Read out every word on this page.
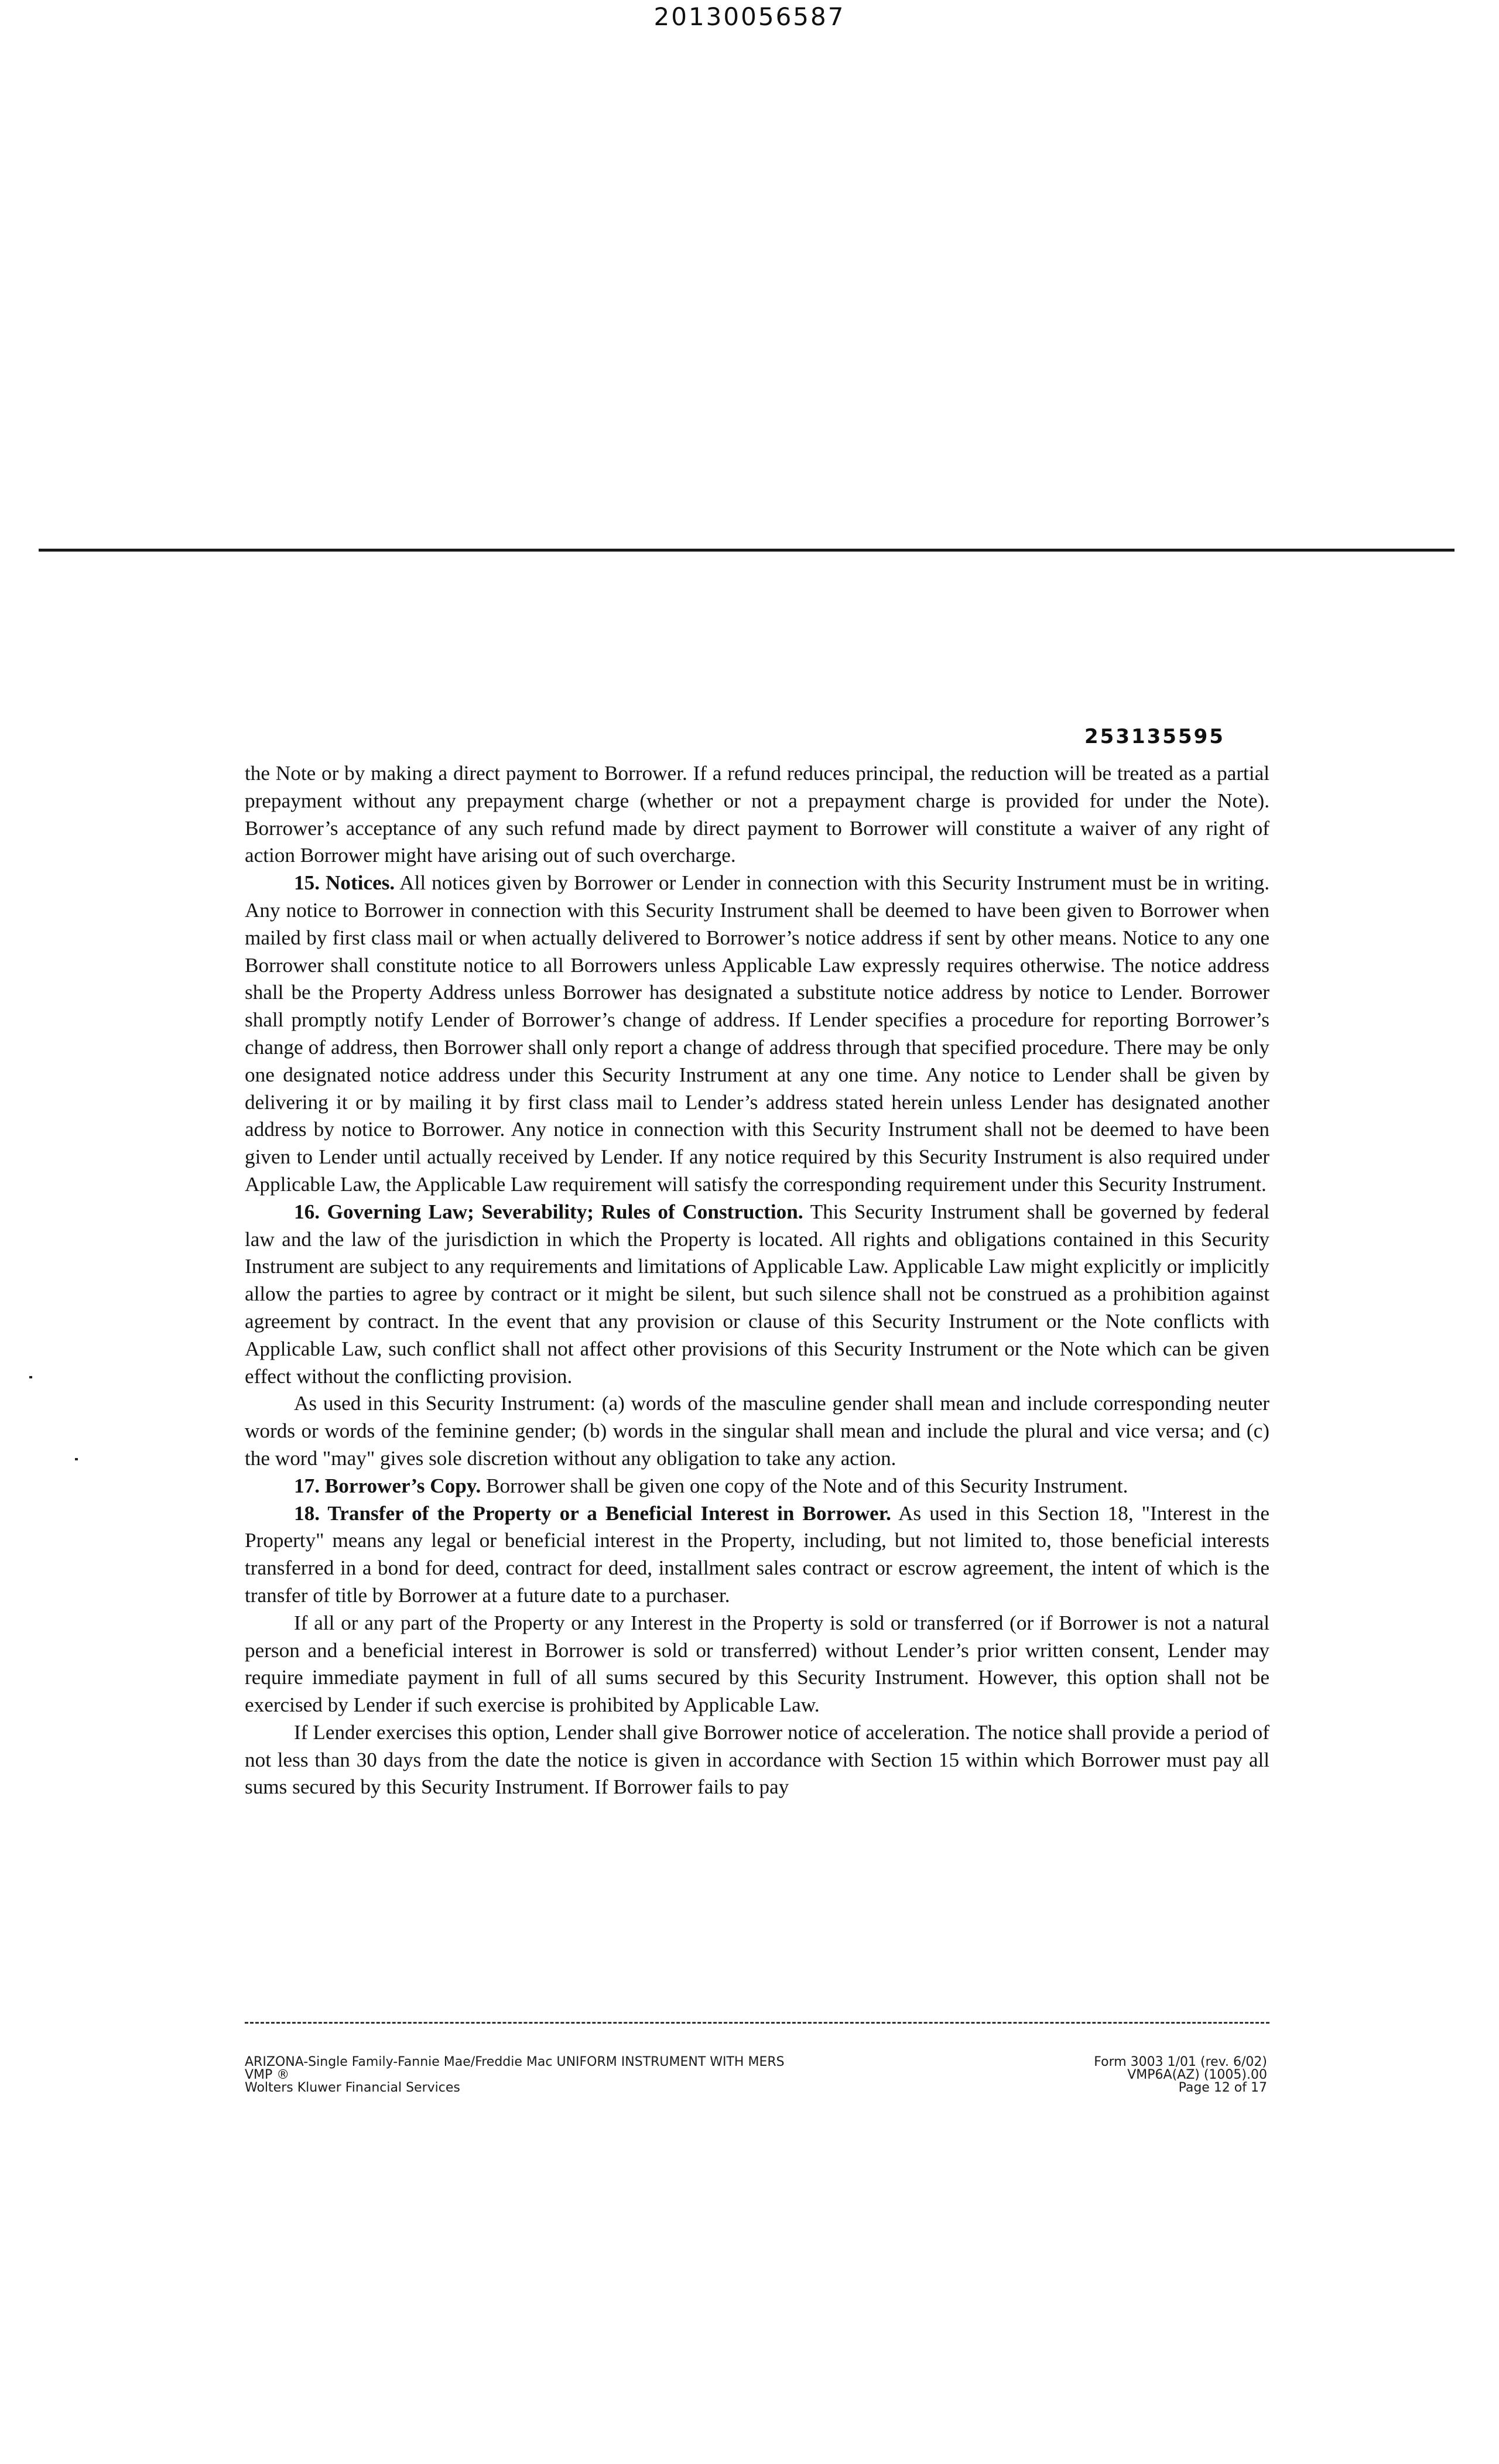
20130056587
253135595

the Note or by making a direct payment to Borrower. If a refund reduces principal, the reduction will be treated as a partial prepayment without any prepayment charge (whether or not a prepayment charge is provided for under the Note). Borrower’s acceptance of any such refund made by direct payment to Borrower will constitute a waiver of any right of action Borrower might have arising out of such overcharge.

15. Notices. All notices given by Borrower or Lender in connection with this Security Instrument must be in writing. Any notice to Borrower in connection with this Security Instrument shall be deemed to have been given to Borrower when mailed by first class mail or when actually delivered to Borrower’s notice address if sent by other means. Notice to any one Borrower shall constitute notice to all Borrowers unless Applicable Law expressly requires otherwise. The notice address shall be the Property Address unless Borrower has designated a substitute notice address by notice to Lender. Borrower shall promptly notify Lender of Borrower’s change of address. If Lender specifies a procedure for reporting Borrower’s change of address, then Borrower shall only report a change of address through that specified procedure. There may be only one designated notice address under this Security Instrument at any one time. Any notice to Lender shall be given by delivering it or by mailing it by first class mail to Lender’s address stated herein unless Lender has designated another address by notice to Borrower. Any notice in connection with this Security Instrument shall not be deemed to have been given to Lender until actually received by Lender. If any notice required by this Security Instrument is also required under Applicable Law, the Applicable Law requirement will satisfy the corresponding requirement under this Security Instrument.

16. Governing Law; Severability; Rules of Construction. This Security Instrument shall be governed by federal law and the law of the jurisdiction in which the Property is located. All rights and obligations contained in this Security Instrument are subject to any requirements and limitations of Applicable Law. Applicable Law might explicitly or implicitly allow the parties to agree by contract or it might be silent, but such silence shall not be construed as a prohibition against agreement by contract. In the event that any provision or clause of this Security Instrument or the Note conflicts with Applicable Law, such conflict shall not affect other provisions of this Security Instrument or the Note which can be given effect without the conflicting provision.

As used in this Security Instrument: (a) words of the masculine gender shall mean and include corresponding neuter words or words of the feminine gender; (b) words in the singular shall mean and include the plural and vice versa; and (c) the word "may" gives sole discretion without any obligation to take any action.

17. Borrower’s Copy. Borrower shall be given one copy of the Note and of this Security Instrument.

18. Transfer of the Property or a Beneficial Interest in Borrower. As used in this Section 18, "Interest in the Property" means any legal or beneficial interest in the Property, including, but not limited to, those beneficial interests transferred in a bond for deed, contract for deed, installment sales contract or escrow agreement, the intent of which is the transfer of title by Borrower at a future date to a purchaser.

If all or any part of the Property or any Interest in the Property is sold or transferred (or if Borrower is not a natural person and a beneficial interest in Borrower is sold or transferred) without Lender’s prior written consent, Lender may require immediate payment in full of all sums secured by this Security Instrument. However, this option shall not be exercised by Lender if such exercise is prohibited by Applicable Law.

If Lender exercises this option, Lender shall give Borrower notice of acceleration. The notice shall provide a period of not less than 30 days from the date the notice is given in accordance with Section 15 within which Borrower must pay all sums secured by this Security Instrument. If Borrower fails to pay

ARIZONA-Single Family-Fannie Mae/Freddie Mac UNIFORM INSTRUMENT WITH MERS
VMP ®
Wolters Kluwer Financial Services
Form 3003 1/01 (rev. 6/02)
VMP6A(AZ) (1005).00
Page 12 of 17
